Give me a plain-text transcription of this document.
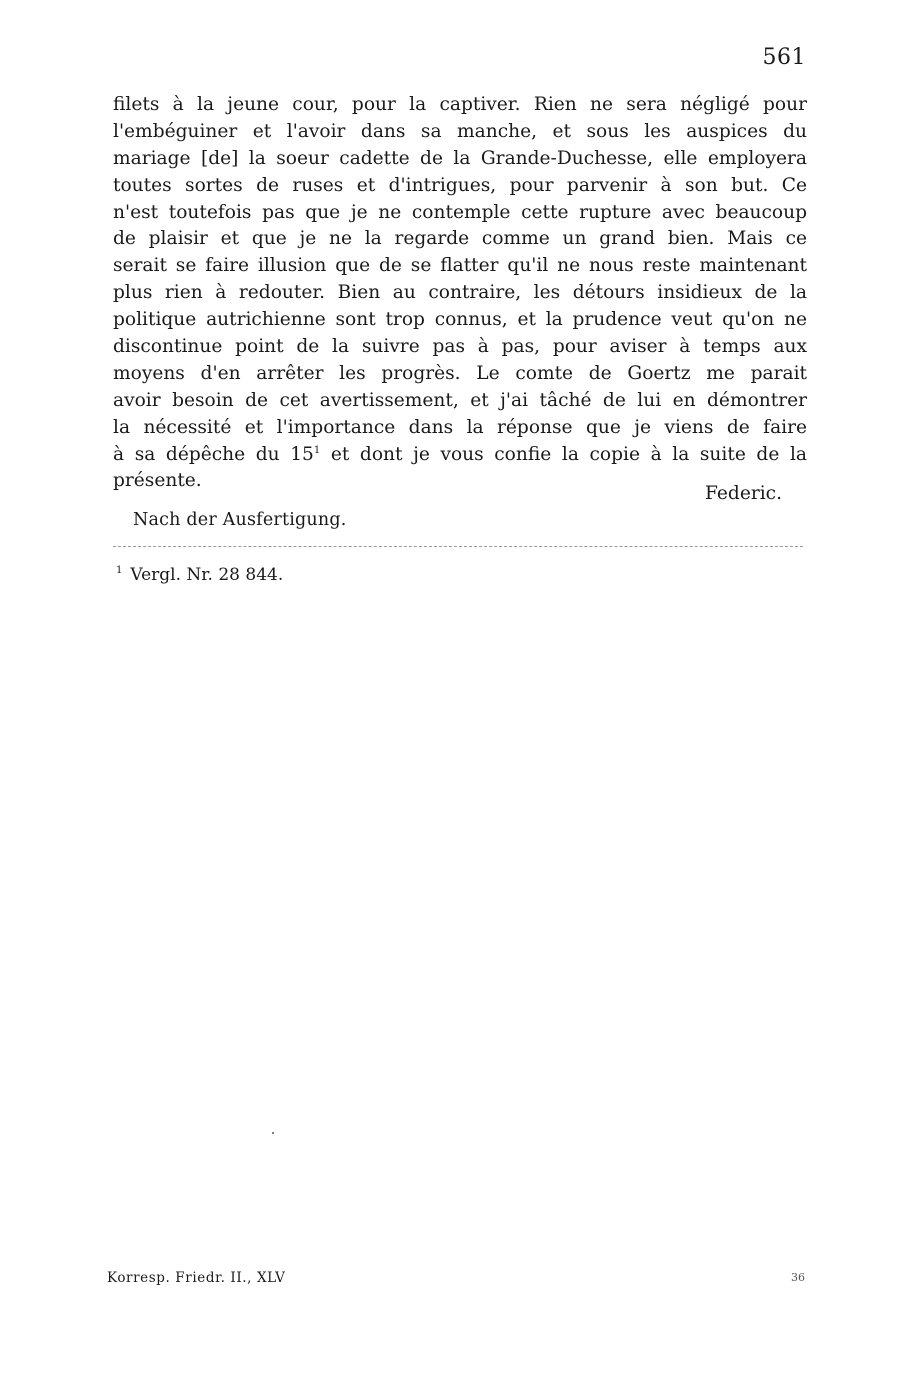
561
filets à la jeune cour, pour la captiver. Rien ne sera négligé pour
l'embéguiner et l'avoir dans sa manche, et sous les auspices du
mariage [de] la soeur cadette de la Grande-Duchesse, elle employera
toutes sortes de ruses et d'intrigues, pour parvenir à son but. Ce
n'est toutefois pas que je ne contemple cette rupture avec beaucoup
de plaisir et que je ne la regarde comme un grand bien. Mais ce
serait se faire illusion que de se flatter qu'il ne nous reste maintenant
plus rien à redouter. Bien au contraire, les détours insidieux de la
politique autrichienne sont trop connus, et la prudence veut qu'on ne
discontinue point de la suivre pas à pas, pour aviser à temps aux
moyens d'en arrêter les progrès. Le comte de Goertz me parait
avoir besoin de cet avertissement, et j'ai tâché de lui en démontrer
la nécessité et l'importance dans la réponse que je viens de faire
à sa dépêche du $15^1$ et dont je vous confie la copie à la suite de la
présente.
Federic.
Nach der Ausfertigung.
$^1$ Vergl. Nr. 28 844.
Korresp. Friedr. II., XLV	36
